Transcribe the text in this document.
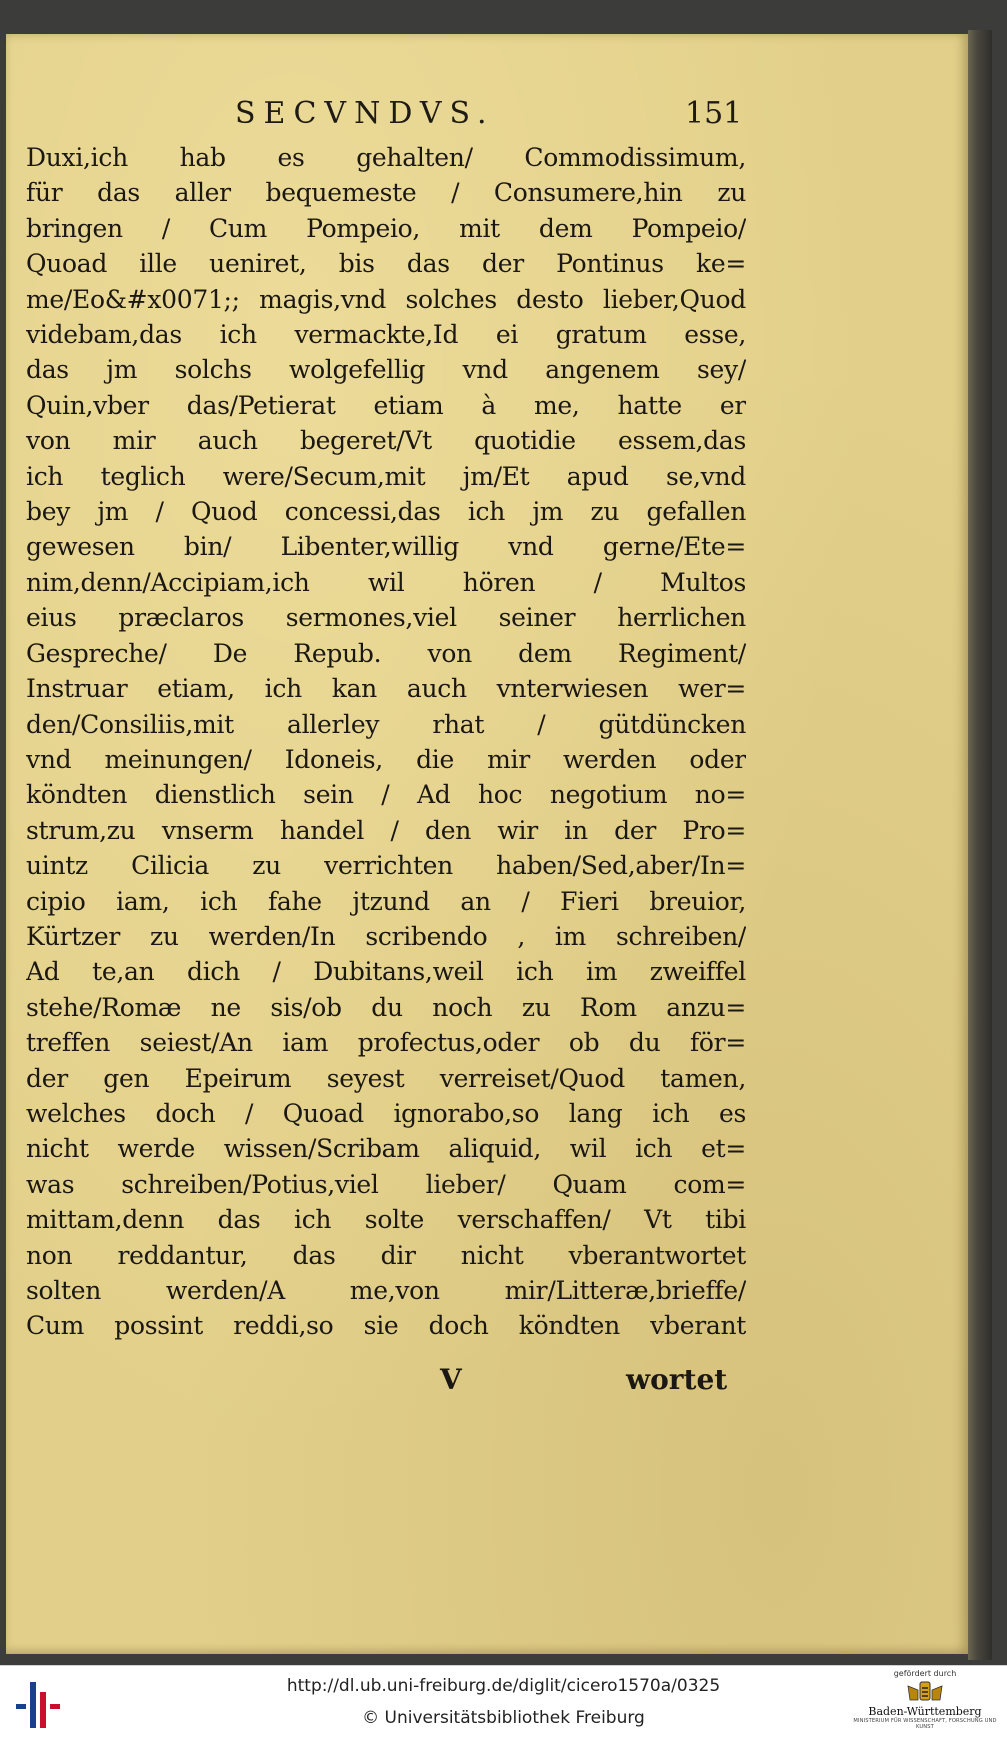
SECVNDVS.	151
Duxi,ich hab es gehalten/ Commodissimum,
für das aller bequemeste / Consumere,hin zu
bringen / Cum Pompeio, mit dem Pompeio/
Quoad ille ueniret, bis das der Pontinus ke=
me/Eo&#x0071;; magis,vnd solches desto lieber,Quod
videbam,das ich vermackte,Id ei gratum esse,
das jm solchs wolgefellig vnd angenem sey/
Quin,vber das/Petierat etiam à me, hatte er
von mir auch begeret/Vt quotidie essem,das
ich teglich were/Secum,mit jm/Et apud se,vnd
bey jm / Quod concessi,das ich jm zu gefallen
gewesen bin/ Libenter,willig vnd gerne/Ete=
nim,denn/Accipiam,ich wil hören / Multos
eius præclaros sermones,viel seiner herrlichen
Gespreche/ De Repub. von dem Regiment/
Instruar etiam, ich kan auch vnterwiesen wer=
den/Consiliis,mit allerley rhat / gütdüncken
vnd meinungen/ Idoneis, die mir werden oder
köndten dienstlich sein / Ad hoc negotium no=
strum,zu vnserm handel / den wir in der Pro=
uintz Cilicia zu verrichten haben/Sed,aber/In=
cipio iam, ich fahe jtzund an / Fieri breuior,
Kürtzer zu werden/In scribendo , im schreiben/
Ad te,an dich / Dubitans,weil ich im zweiffel
stehe/Romæ ne sis/ob du noch zu Rom anzu=
treffen seiest/An iam profectus,oder ob du för=
der gen Epeirum seyest verreiset/Quod tamen,
welches doch / Quoad ignorabo,so lang ich es
nicht werde wissen/Scribam aliquid, wil ich et=
was schreiben/Potius,viel lieber/ Quam com=
mittam,denn das ich solte verschaffen/ Vt tibi
non reddantur, das dir nicht vberantwortet
solten werden/A me,von mir/Litteræ,brieffe/
Cum possint reddi,so sie doch köndten vberant
V	wortet
http://dl.ub.uni-freiburg.de/diglit/cicero1570a/0325
© Universitätsbibliothek Freiburg
gefördert durch
Baden-Württemberg
MINISTERIUM FÜR WISSENSCHAFT, FORSCHUNG UND KUNST
